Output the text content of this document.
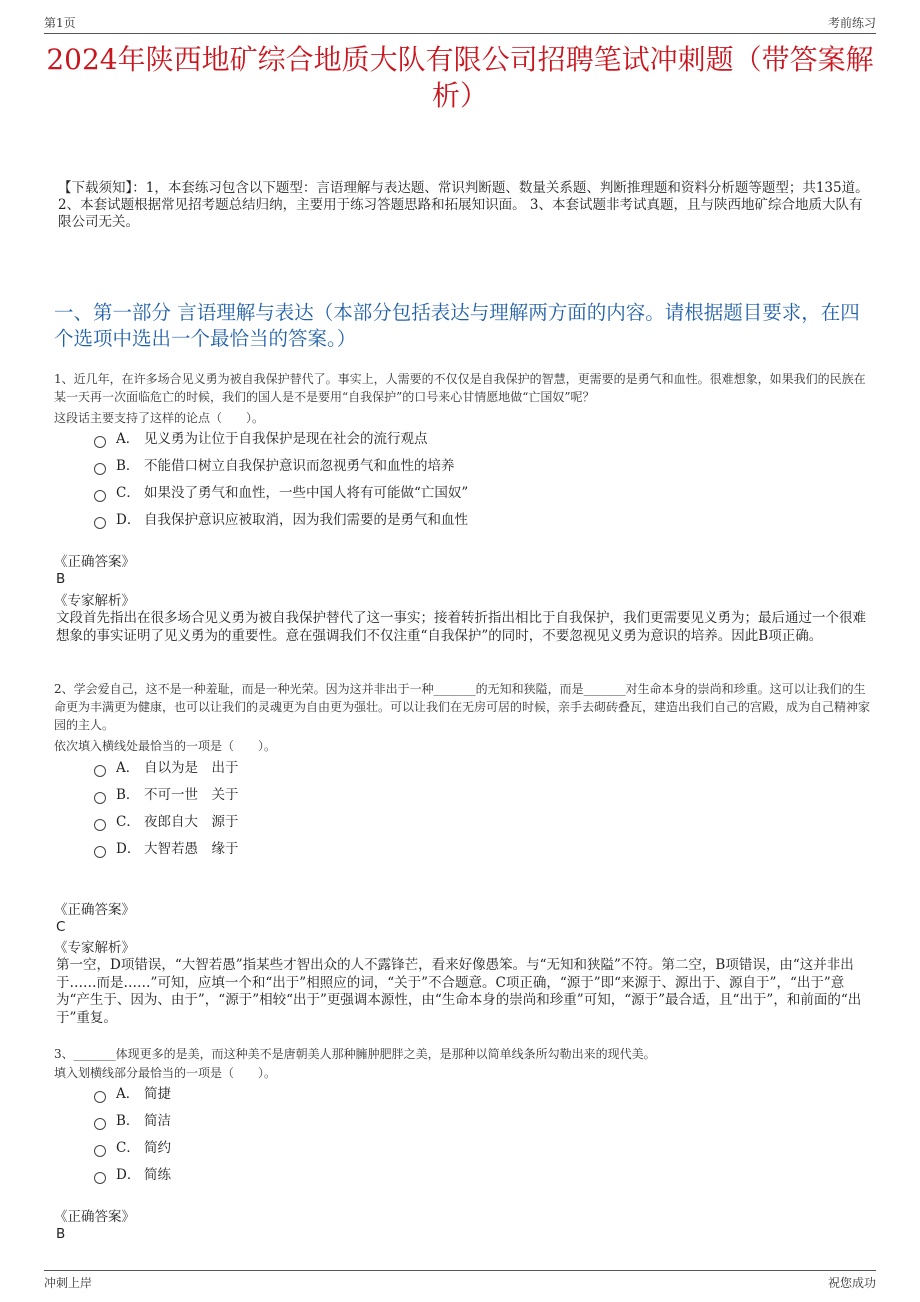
第1页	考前练习
2024年陕西地矿综合地质大队有限公司招聘笔试冲刺题（带答案解析）
【下载须知】：1，本套练习包含以下题型：言语理解与表达题、常识判断题、数量关系题、判断推理题和资料分析题等题型；共135道。 2、本套试题根据常见招考题总结归纳，主要用于练习答题思路和拓展知识面。 3、本套试题非考试真题，且与陕西地矿综合地质大队有限公司无关。
一、第一部分 言语理解与表达（本部分包括表达与理解两方面的内容。请根据题目要求，在四个选项中选出一个最恰当的答案。）
1、近几年，在许多场合见义勇为被自我保护替代了。事实上，人需要的不仅仅是自我保护的智慧，更需要的是勇气和血性。很难想象，如果我们的民族在某一天再一次面临危亡的时候，我们的国人是不是要用“自我保护”的口号来心甘情愿地做“亡国奴”呢？
这段话主要支持了这样的论点（　　）。
A． 见义勇为让位于自我保护是现在社会的流行观点
B． 不能借口树立自我保护意识而忽视勇气和血性的培养
C． 如果没了勇气和血性，一些中国人将有可能做“亡国奴”
D． 自我保护意识应被取消，因为我们需要的是勇气和血性
《正确答案》
B
《专家解析》
文段首先指出在很多场合见义勇为被自我保护替代了这一事实；接着转折指出相比于自我保护，我们更需要见义勇为；最后通过一个很难想象的事实证明了见义勇为的重要性。意在强调我们不仅注重“自我保护”的同时，不要忽视见义勇为意识的培养。因此B项正确。
2、学会爱自己，这不是一种羞耻，而是一种光荣。因为这并非出于一种_______的无知和狭隘，而是_______对生命本身的崇尚和珍重。这可以让我们的生命更为丰满更为健康，也可以让我们的灵魂更为自由更为强壮。可以让我们在无房可居的时候，亲手去砌砖叠瓦，建造出我们自己的宫殿，成为自己精神家园的主人。
依次填入横线处最恰当的一项是（　　）。
A． 自以为是　出于
B． 不可一世　关于
C． 夜郎自大　源于
D． 大智若愚　缘于
《正确答案》
C
《专家解析》
第一空，D项错误，“大智若愚”指某些才智出众的人不露锋芒，看来好像愚笨。与“无知和狭隘”不符。第二空，B项错误，由“这并非出于……而是……”可知，应填一个和“出于”相照应的词，“关于”不合题意。C项正确，“源于”即“来源于、源出于、源自于”，“出于”意为“产生于、因为、由于”，“源于”相较“出于”更强调本源性，由“生命本身的崇尚和珍重”可知，“源于”最合适，且“出于”，和前面的“出于”重复。
3、_______体现更多的是美，而这种美不是唐朝美人那种臃肿肥胖之美，是那种以简单线条所勾勒出来的现代美。
填入划横线部分最恰当的一项是（　　）。
A． 简捷
B． 简洁
C． 简约
D． 简练
《正确答案》
B
冲刺上岸	祝您成功
